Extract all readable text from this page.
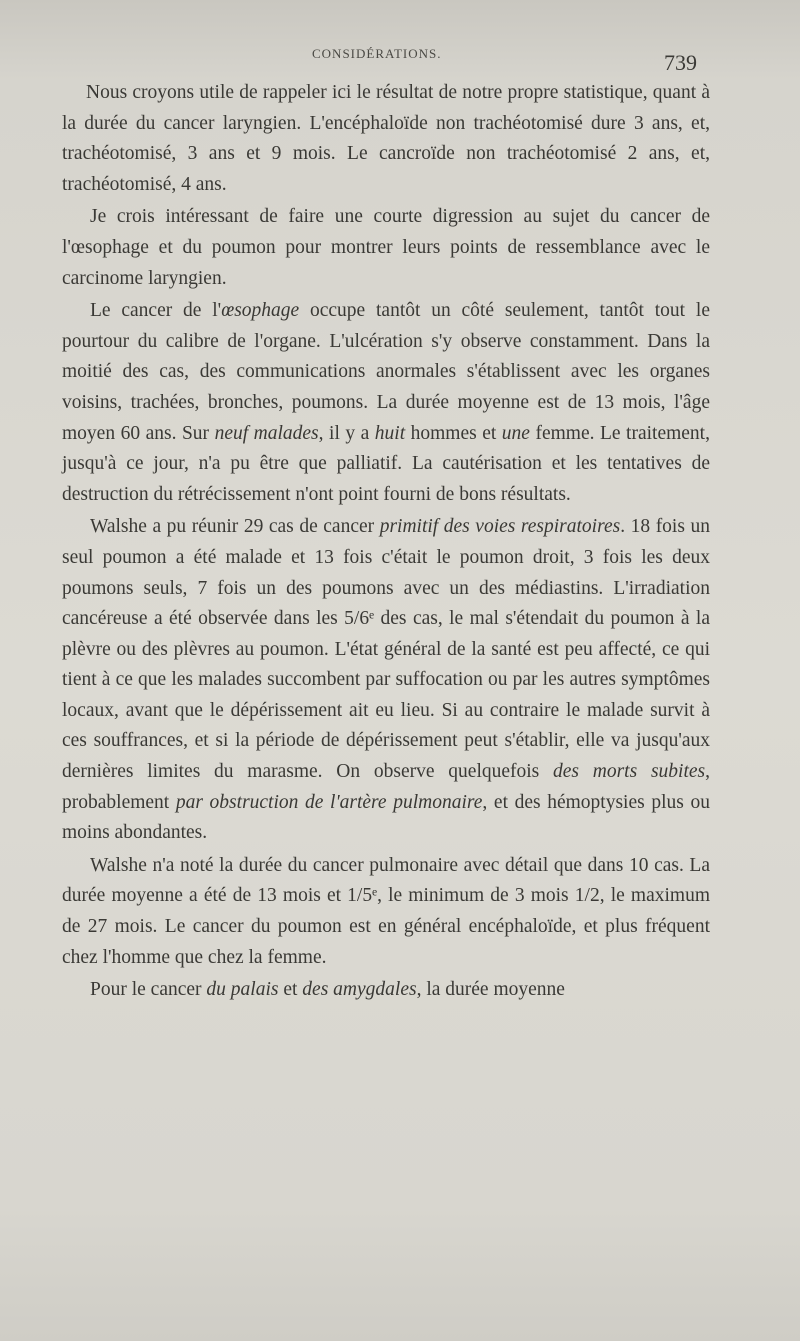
CONSIDÉRATIONS.	739

Nous croyons utile de rappeler ici le résultat de notre propre statistique, quant à la durée du cancer laryngien. L'encéphaloïde non trachéotomisé dure 3 ans, et, trachéotomisé, 3 ans et 9 mois. Le cancroïde non trachéotomisé 2 ans, et, trachéotomisé, 4 ans.

Je crois intéressant de faire une courte digression au sujet du cancer de l'œsophage et du poumon pour montrer leurs points de ressemblance avec le carcinome laryngien.

Le cancer de l'œsophage occupe tantôt un côté seulement, tantôt tout le pourtour du calibre de l'organe. L'ulcération s'y observe constamment. Dans la moitié des cas, des communications anormales s'établissent avec les organes voisins, trachées, bronches, poumons. La durée moyenne est de 13 mois, l'âge moyen 60 ans. Sur neuf malades, il y a huit hommes et une femme. Le traitement, jusqu'à ce jour, n'a pu être que palliatif. La cautérisation et les tentatives de destruction du rétrécissement n'ont point fourni de bons résultats.

Walshe a pu réunir 29 cas de cancer primitif des voies respiratoires. 18 fois un seul poumon a été malade et 13 fois c'était le poumon droit, 3 fois les deux poumons seuls, 7 fois un des poumons avec un des médiastins. L'irradiation cancéreuse a été observée dans les 5/6ᵉ des cas, le mal s'étendait du poumon à la plèvre ou des plèvres au poumon. L'état général de la santé est peu affecté, ce qui tient à ce que les malades succombent par suffocation ou par les autres symptômes locaux, avant que le dépérissement ait eu lieu. Si au contraire le malade survit à ces souffrances, et si la période de dépérissement peut s'établir, elle va jusqu'aux dernières limites du marasme. On observe quelquefois des morts subites, probablement par obstruction de l'artère pulmonaire, et des hémoptysies plus ou moins abondantes.

Walshe n'a noté la durée du cancer pulmonaire avec détail que dans 10 cas. La durée moyenne a été de 13 mois et 1/5ᵉ, le minimum de 3 mois 1/2, le maximum de 27 mois. Le cancer du poumon est en général encéphaloïde, et plus fréquent chez l'homme que chez la femme.

Pour le cancer du palais et des amygdales, la durée moyenne
